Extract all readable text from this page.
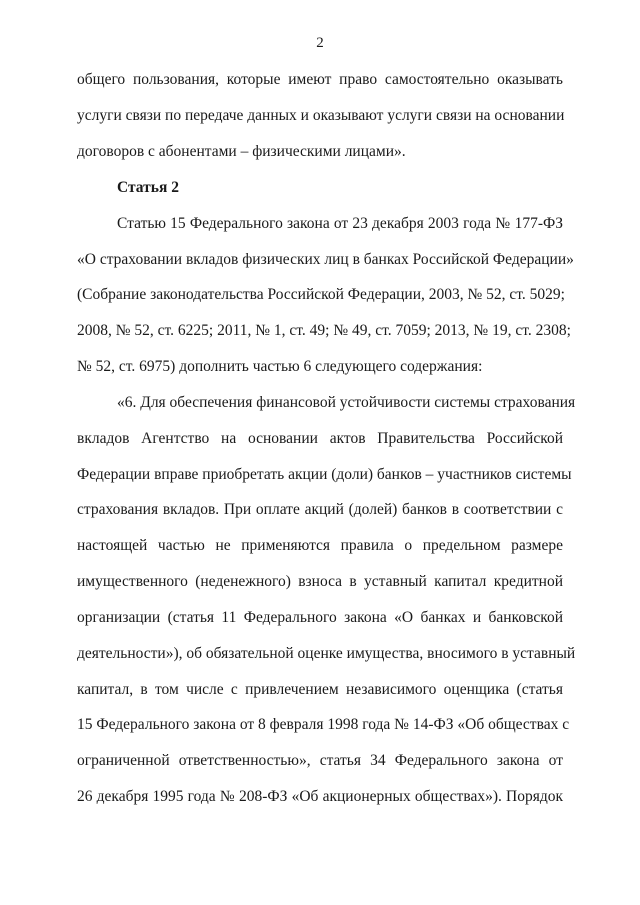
2
общего пользования, которые имеют право самостоятельно оказывать
услуги связи по передаче данных и оказывают услуги связи на основании
договоров с абонентами – физическими лицами».
Статья 2
Статью 15 Федерального закона от 23 декабря 2003 года № 177-ФЗ
«О страховании вкладов физических лиц в банках Российской Федерации»
(Собрание законодательства Российской Федерации, 2003, № 52, ст. 5029;
2008, № 52, ст. 6225; 2011, № 1, ст. 49; № 49, ст. 7059; 2013, № 19, ст. 2308;
№ 52, ст. 6975) дополнить частью 6 следующего содержания:
«6. Для обеспечения финансовой устойчивости системы страхования
вкладов Агентство на основании актов Правительства Российской
Федерации вправе приобретать акции (доли) банков – участников системы
страхования вкладов. При оплате акций (долей) банков в соответствии с
настоящей частью не применяются правила о предельном размере
имущественного (неденежного) взноса в уставный капитал кредитной
организации (статья 11 Федерального закона «О банках и банковской
деятельности»), об обязательной оценке имущества, вносимого в уставный
капитал, в том числе с привлечением независимого оценщика (статья
15 Федерального закона от 8 февраля 1998 года № 14-ФЗ «Об обществах с
ограниченной ответственностью», статья 34 Федерального закона от
26 декабря 1995 года № 208-ФЗ «Об акционерных обществах»). Порядок
